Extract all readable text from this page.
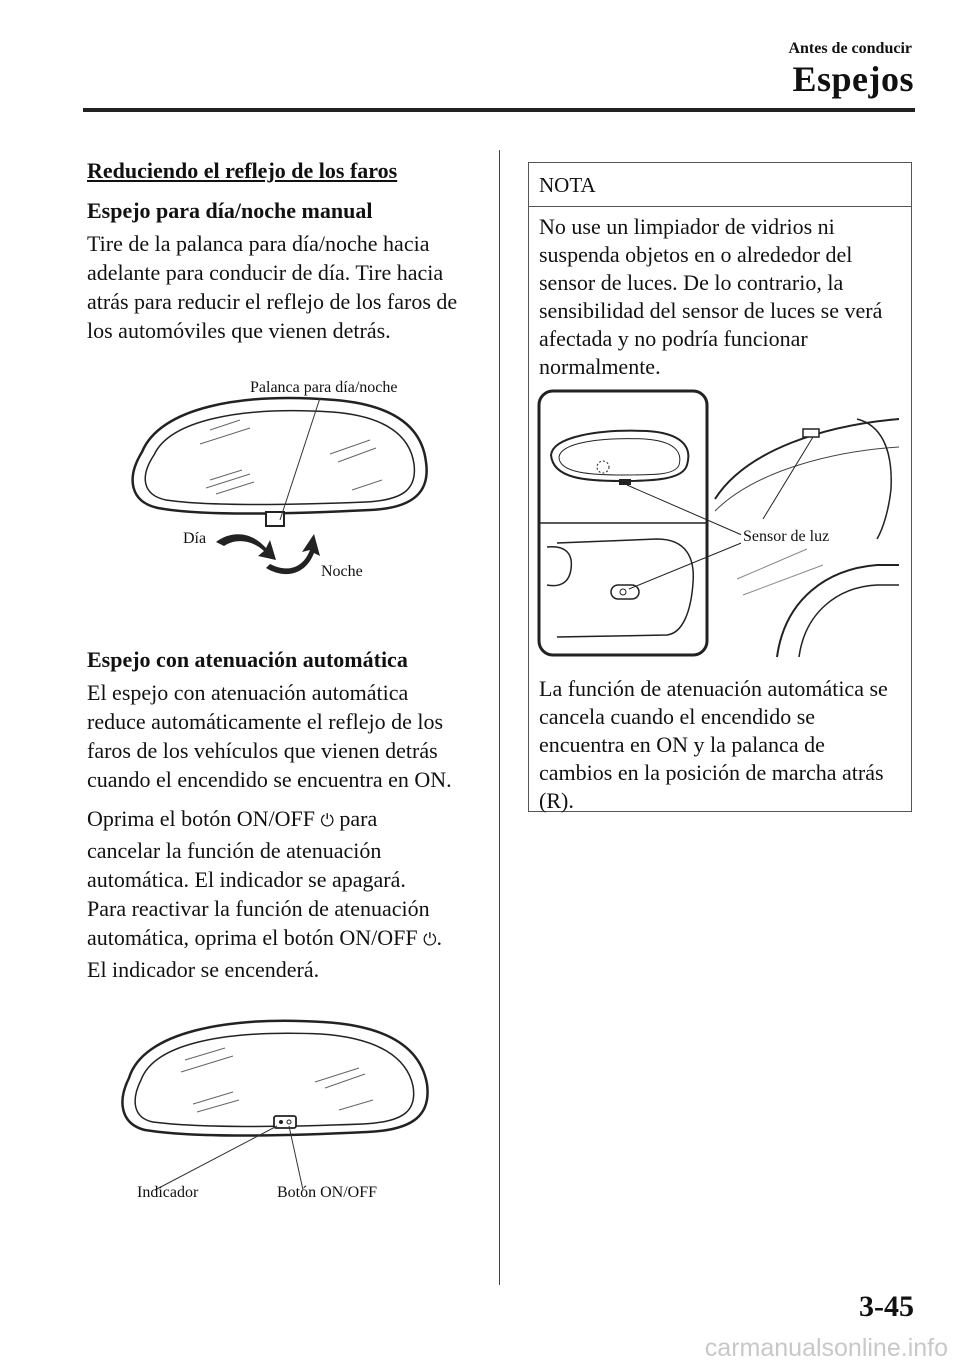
Antes de conducir
Espejos
Reduciendo el reflejo de los faros
Espejo para día/noche manual
Tire de la palanca para día/noche hacia
adelante para conducir de día. Tire hacia
atrás para reducir el reflejo de los faros de
los automóviles que vienen detrás.
Palanca para día/noche
Día
Noche
Espejo con atenuación automática
El espejo con atenuación automática
reduce automáticamente el reflejo de los
faros de los vehículos que vienen detrás
cuando el encendido se encuentra en ON.
Oprima el botón ON/OFF ⏻ para
cancelar la función de atenuación
automática. El indicador se apagará.
Para reactivar la función de atenuación
automática, oprima el botón ON/OFF ⏻.
El indicador se encenderá.
Indicador	Botón ON/OFF
NOTA
No use un limpiador de vidrios ni
suspenda objetos en o alrededor del
sensor de luces. De lo contrario, la
sensibilidad del sensor de luces se verá
afectada y no podría funcionar
normalmente.
Sensor de luz
La función de atenuación automática se
cancela cuando el encendido se
encuentra en ON y la palanca de
cambios en la posición de marcha atrás
(R).
3-45
carmanualsonline.info
